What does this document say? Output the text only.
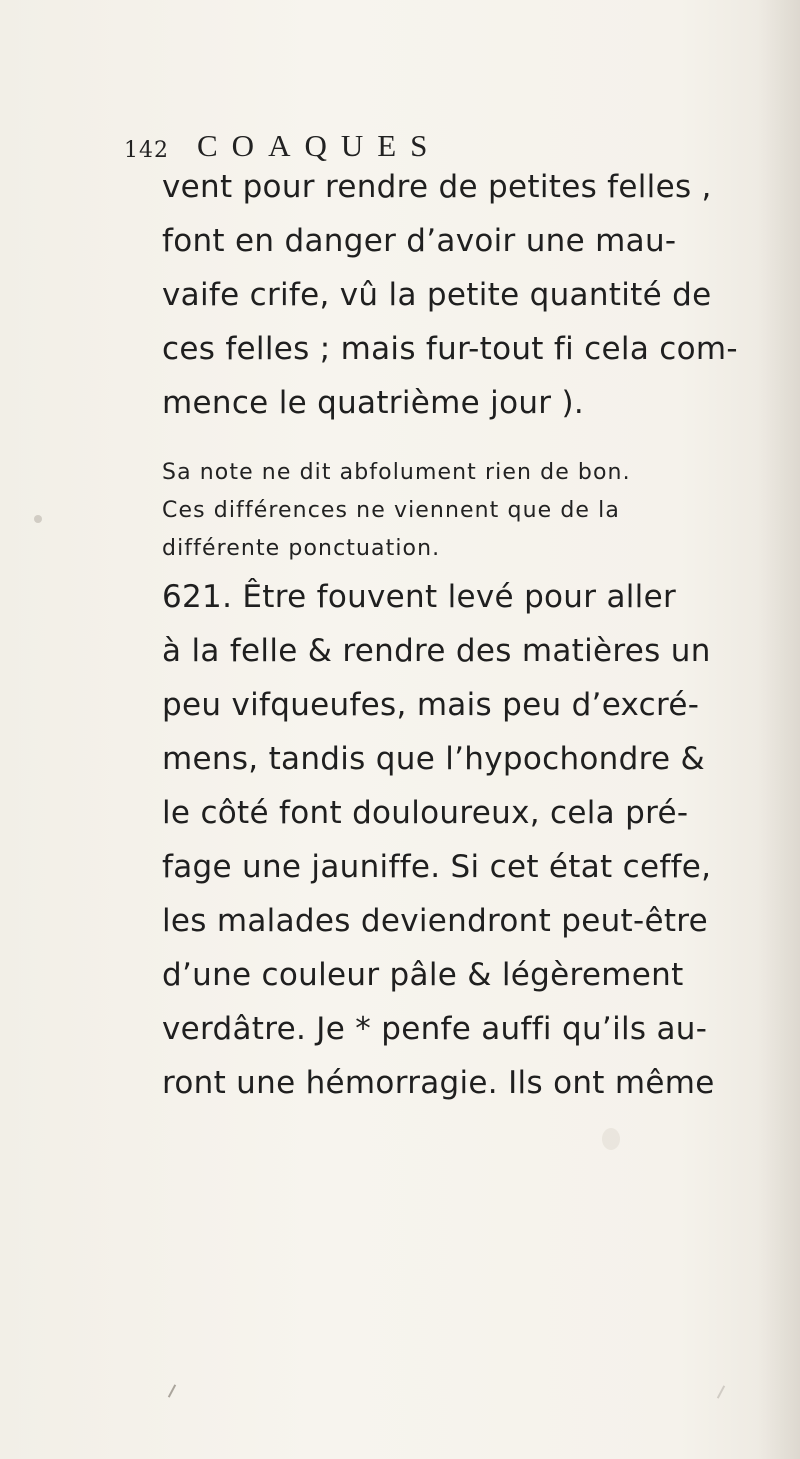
142 COAQUES
vent pour rendre de petites felles ,
font en danger d’avoir une mau-
vaife crife, vû la petite quantité de
ces felles ; mais fur-tout fi cela com-
mence le quatrième jour ).
Sa note ne dit abfolument rien de bon.
Ces différences ne viennent que de la
différente ponctuation.
621. Être fouvent levé pour aller
à la felle & rendre des matières un
peu vifqueufes, mais peu d’excré-
mens, tandis que l’hypochondre &
le côté font douloureux, cela pré-
fage une jauniffe. Si cet état ceffe,
les malades deviendront peut-être
d’une couleur pâle & légèrement
verdâtre. Je * penfe auffi qu’ils au-
ront une hémorragie. Ils ont même
